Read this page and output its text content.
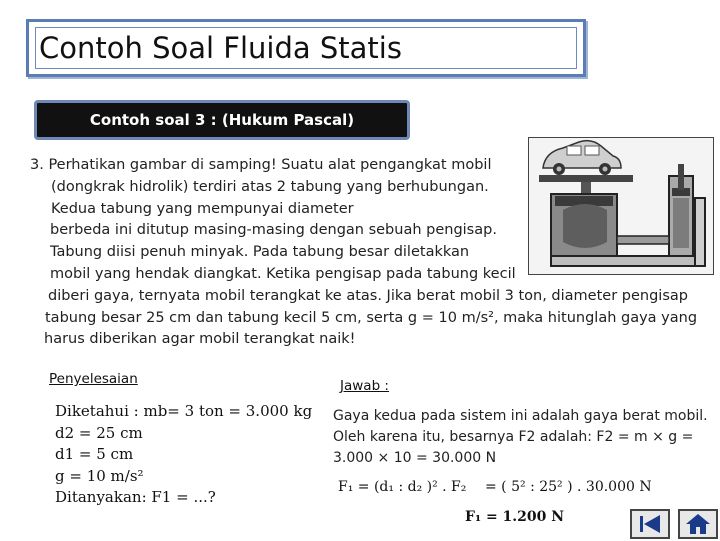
Contoh Soal Fluida Statis
Contoh soal 3 : (Hukum Pascal)
3. Perhatikan gambar di samping! Suatu alat pengangkat mobil
(dongkrak hidrolik) terdiri atas 2 tabung yang berhubungan.
Kedua tabung yang mempunyai diameter
berbeda ini ditutup masing-masing dengan sebuah pengisap.
Tabung diisi penuh minyak. Pada tabung besar diletakkan
mobil yang hendak diangkat. Ketika pengisap pada tabung kecil
diberi gaya, ternyata mobil terangkat ke atas. Jika berat mobil 3 ton, diameter pengisap
tabung besar 25 cm dan tabung kecil 5 cm, serta g = 10 m/s², maka hitunglah gaya yang
harus diberikan agar mobil terangkat naik!
Penyelesaian
Diketahui : mb= 3 ton = 3.000 kg
d2 = 25 cm
d1 = 5 cm
g = 10 m/s²
Ditanyakan: F1 = ...?
Jawab :
Gaya kedua pada sistem ini adalah gaya berat mobil.
Oleh karena itu, besarnya F2 adalah: F2 = m × g =
3.000 × 10 = 30.000 N
F₁ = (d₁ : d₂ )² . F₂ = ( 5² : 25² ) . 30.000 N
F₁ = 1.200 N
